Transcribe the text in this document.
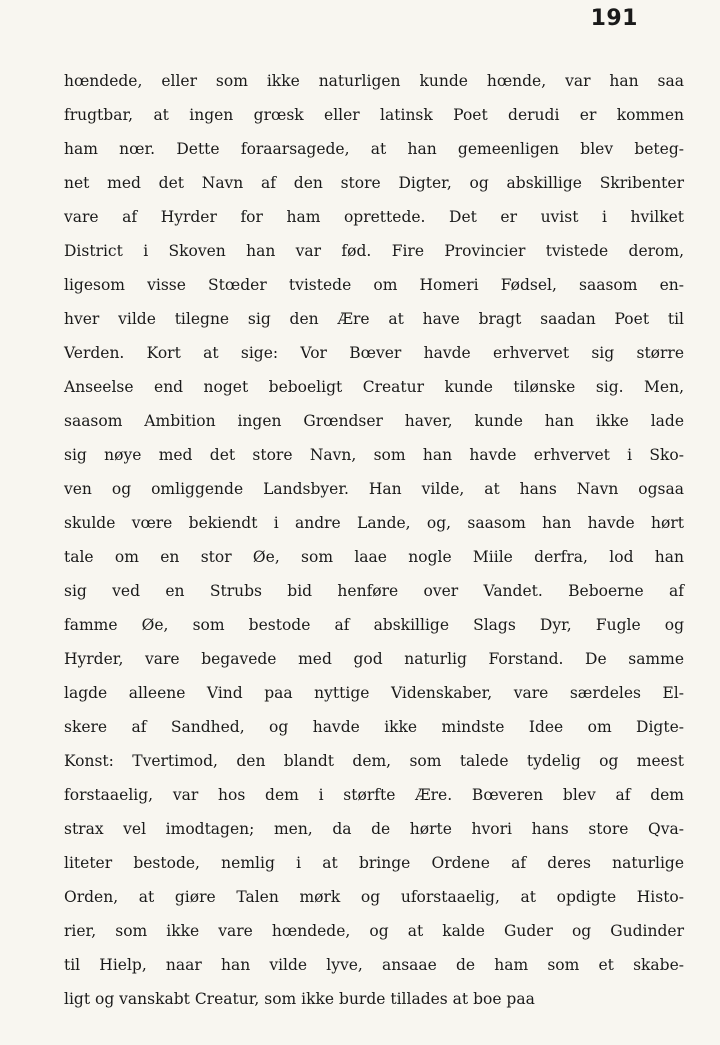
191
hœndede, eller som ikke naturligen kunde hœnde, var han saa
frugtbar, at ingen grœsk eller latinsk Poet derudi er kommen
ham nœr. Dette foraarsagede, at han gemeenligen blev beteg-
net med det Navn af den store Digter, og abskillige Skribenter
vare af Hyrder for ham oprettede. Det er uvist i hvilket
District i Skoven han var fød. Fire Provincier tvistede derom,
ligesom visse Stœder tvistede om Homeri Fødsel, saasom en-
hver vilde tilegne sig den Ære at have bragt saadan Poet til
Verden. Kort at sige: Vor Bœver havde erhvervet sig større
Anseelse end noget beboeligt Creatur kunde tilønske sig. Men,
saasom Ambition ingen Grœndser haver, kunde han ikke lade
sig nøye med det store Navn, som han havde erhvervet i Sko-
ven og omliggende Landsbyer. Han vilde, at hans Navn ogsaa
skulde vœre bekiendt i andre Lande, og, saasom han havde hørt
tale om en stor Øe, som laae nogle Miile derfra, lod han
sig ved en Strubs bid henføre over Vandet. Beboerne af
famme Øe, som bestode af abskillige Slags Dyr, Fugle og
Hyrder, vare begavede med god naturlig Forstand. De samme
lagde alleene Vind paa nyttige Videnskaber, vare særdeles El-
skere af Sandhed, og havde ikke mindste Idee om Digte-
Konst: Tvertimod, den blandt dem, som talede tydelig og meest
forstaaelig, var hos dem i størfte Ære. Bœveren blev af dem
strax vel imodtagen; men, da de hørte hvori hans store Qva-
liteter bestode, nemlig i at bringe Ordene af deres naturlige
Orden, at giøre Talen mørk og uforstaaelig, at opdigte Histo-
rier, som ikke vare hœndede, og at kalde Guder og Gudinder
til Hielp, naar han vilde lyve, ansaae de ham som et skabe-
ligt og vanskabt Creatur, som ikke burde tillades at boe paa
